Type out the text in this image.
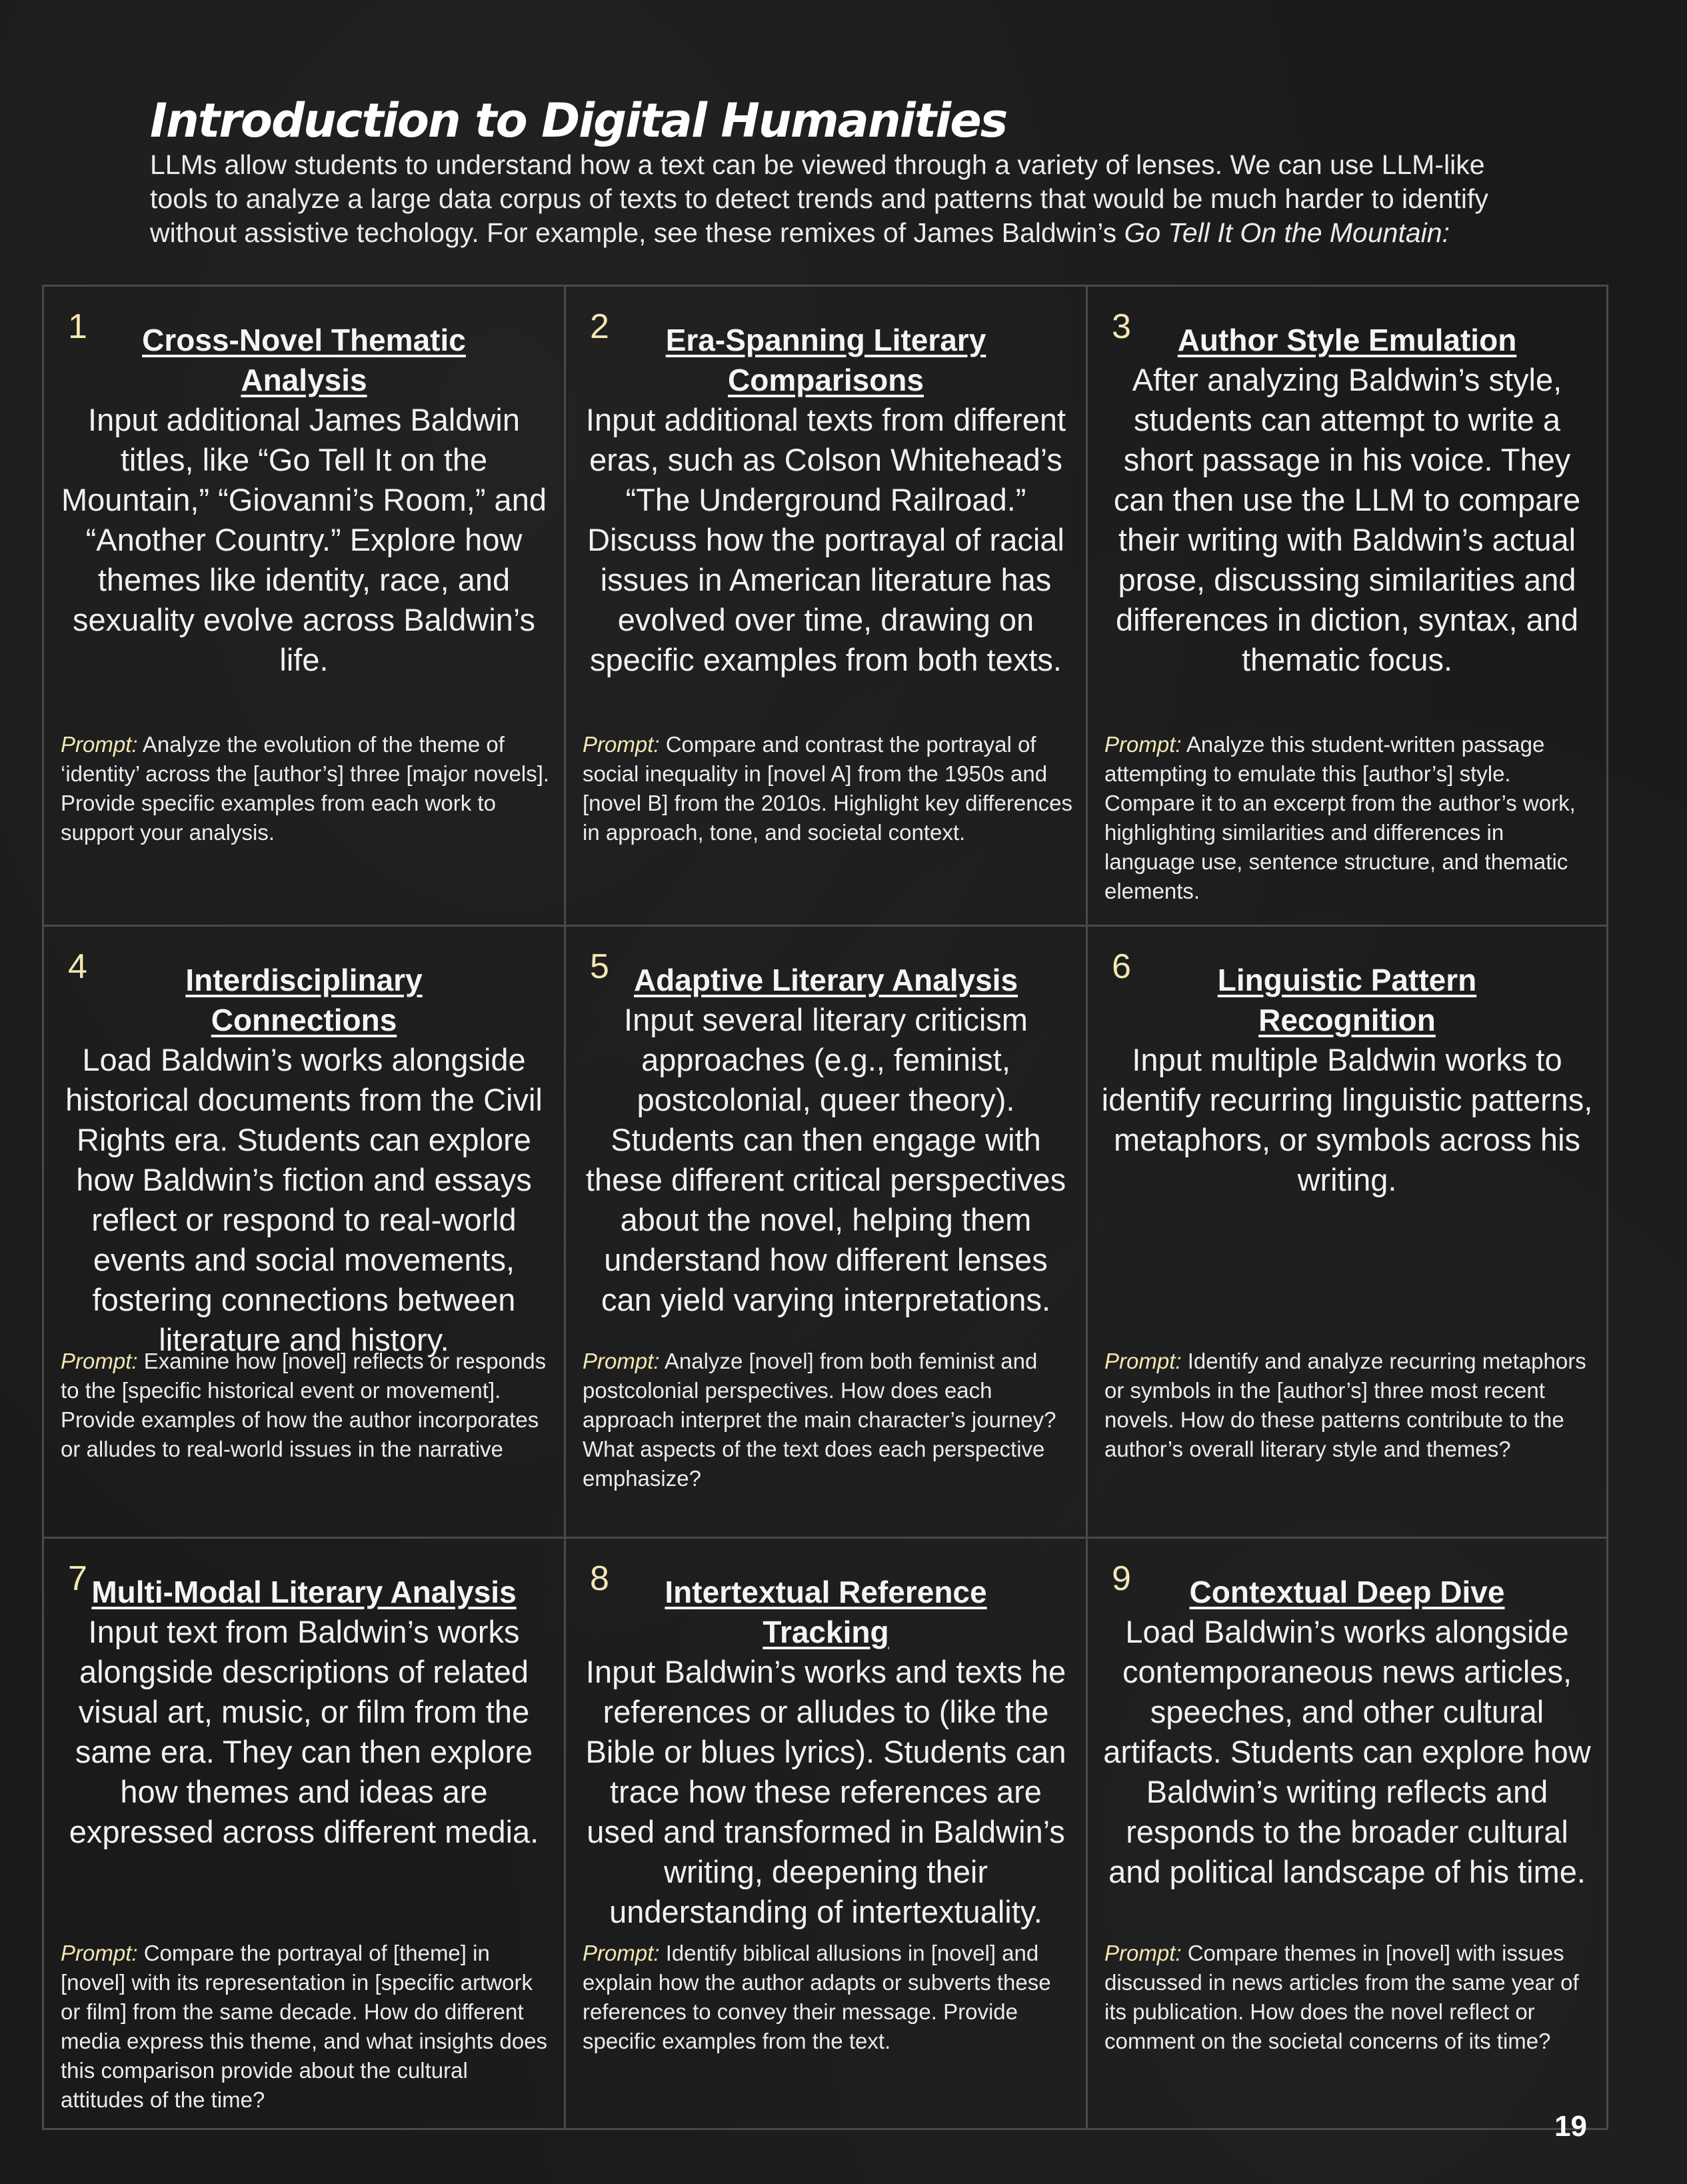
Introduction to Digital Humanities

LLMs allow students to understand how a text can be viewed through a variety of lenses. We can use LLM-like tools to analyze a large data corpus of texts to detect trends and patterns that would be much harder to identify without assistive techology. For example, see these remixes of James Baldwin’s Go Tell It On the Mountain:

1	Cross-Novel Thematic Analysis

Input additional James Baldwin titles, like “Go Tell It on the Mountain,” “Giovanni’s Room,” and “Another Country.” Explore how themes like identity, race, and sexuality evolve across Baldwin’s life.

Prompt: Analyze the evolution of the theme of ‘identity’ across the [author’s] three [major novels]. Provide specific examples from each work to support your analysis.

2	Era-Spanning Literary Comparisons

Input additional texts from different eras, such as Colson Whitehead’s “The Underground Railroad.” Discuss how the portrayal of racial issues in American literature has evolved over time, drawing on specific examples from both texts.

Prompt: Compare and contrast the portrayal of social inequality in [novel A] from the 1950s and [novel B] from the 2010s. Highlight key differences in approach, tone, and societal context.

3	Author Style Emulation

After analyzing Baldwin’s style, students can attempt to write a short passage in his voice. They can then use the LLM to compare their writing with Baldwin’s actual prose, discussing similarities and differences in diction, syntax, and thematic focus.

Prompt: Analyze this student-written passage attempting to emulate this [author’s] style. Compare it to an excerpt from the author’s work, highlighting similarities and differences in language use, sentence structure, and thematic elements.

4	Interdisciplinary Connections

Load Baldwin’s works alongside historical documents from the Civil Rights era. Students can explore how Baldwin’s fiction and essays reflect or respond to real-world events and social movements, fostering connections between literature and history.

Prompt: Examine how [novel] reflects or responds to the [specific historical event or movement]. Provide examples of how the author incorporates or alludes to real-world issues in the narrative

5 Adaptive Literary Analysis

Input several literary criticism approaches (e.g., feminist, postcolonial, queer theory). Students can then engage with these different critical perspectives about the novel, helping them understand how different lenses can yield varying interpretations.

Prompt: Analyze [novel] from both feminist and postcolonial perspectives. How does each approach interpret the main character’s journey? What aspects of the text does each perspective emphasize?

6	Linguistic Pattern Recognition

Input multiple Baldwin works to identify recurring linguistic patterns, metaphors, or symbols across his writing.

Prompt: Identify and analyze recurring metaphors or symbols in the [author’s] three most recent novels. How do these patterns contribute to the author’s overall literary style and themes?

7 Multi-Modal Literary Analysis

Input text from Baldwin’s works alongside descriptions of related visual art, music, or film from the same era. They can then explore how themes and ideas are expressed across different media.

Prompt: Compare the portrayal of [theme] in [novel] with its representation in [specific artwork or film] from the same decade. How do different media express this theme, and what insights does this comparison provide about the cultural attitudes of the time?

8	Intertextual Reference Tracking

Input Baldwin’s works and texts he references or alludes to (like the Bible or blues lyrics). Students can trace how these references are used and transformed in Baldwin’s writing, deepening their understanding of intertextuality.

Prompt: Identify biblical allusions in [novel] and explain how the author adapts or subverts these references to convey their message. Provide specific examples from the text.

9	Contextual Deep Dive

Load Baldwin’s works alongside contemporaneous news articles, speeches, and other cultural artifacts. Students can explore how Baldwin’s writing reflects and responds to the broader cultural and political landscape of his time.

Prompt: Compare themes in [novel] with issues discussed in news articles from the same year of its publication. How does the novel reflect or comment on the societal concerns of its time?

19
